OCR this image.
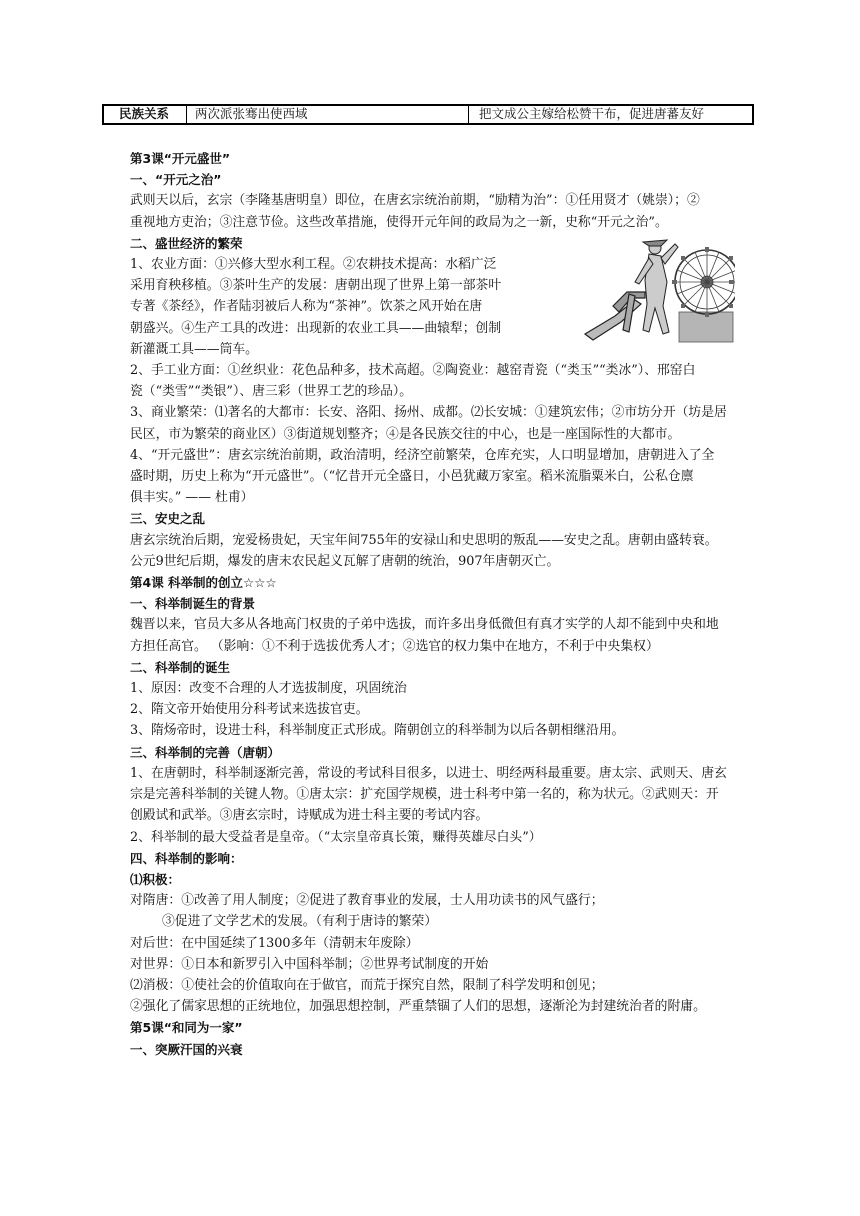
民族关系	两次派张骞出使西域	把文成公主嫁给松赞干布，促进唐蕃友好

第3课“开元盛世”

一、“开元之治”

武则天以后，玄宗（李隆基唐明皇）即位，在唐玄宗统治前期，“励精为治”：①任用贤才（姚崇）；②

重视地方吏治；③注意节俭。这些改革措施，使得开元年间的政局为之一新，史称“开元之治”。

二、盛世经济的繁荣

1、农业方面：①兴修大型水利工程。②农耕技术提高：水稻广泛

采用育秧移植。③茶叶生产的发展：唐朝出现了世界上第一部茶叶

专著《茶经》，作者陆羽被后人称为“茶神”。饮茶之风开始在唐

朝盛兴。④生产工具的改进：出现新的农业工具——曲辕犁；创制

新灌溉工具——筒车。

2、手工业方面：①丝织业：花色品种多，技术高超。②陶瓷业：越窑青瓷（“类玉”“类冰”）、邢窑白

瓷（“类雪”“类银”）、唐三彩（世界工艺的珍品）。

3、商业繁荣：⑴著名的大都市：长安、洛阳、扬州、成都。⑵长安城：①建筑宏伟；②市坊分开（坊是居

民区，市为繁荣的商业区）③街道规划整齐；④是各民族交往的中心，也是一座国际性的大都市。

4、“开元盛世”：唐玄宗统治前期，政治清明，经济空前繁荣，仓库充实，人口明显增加，唐朝进入了全

盛时期，历史上称为“开元盛世”。（“忆昔开元全盛日，小邑犹藏万家室。稻米流脂粟米白，公私仓廪

俱丰实。” —— 杜甫）

三、安史之乱

唐玄宗统治后期，宠爱杨贵妃，天宝年间755年的安禄山和史思明的叛乱——安史之乱。唐朝由盛转衰。

公元9世纪后期，爆发的唐末农民起义瓦解了唐朝的统治，907年唐朝灭亡。

第4课 科举制的创立☆☆☆

一、科举制诞生的背景

魏晋以来，官员大多从各地高门权贵的子弟中选拔，而许多出身低微但有真才实学的人却不能到中央和地

方担任高官。 （影响：①不利于选拔优秀人才；②选官的权力集中在地方，不利于中央集权）

二、科举制的诞生

1、原因：改变不合理的人才选拔制度，巩固统治

2、隋文帝开始使用分科考试来选拔官吏。

3、隋炀帝时，设进士科，科举制度正式形成。隋朝创立的科举制为以后各朝相继沿用。

三、科举制的完善（唐朝）

1、在唐朝时，科举制逐渐完善，常设的考试科目很多，以进士、明经两科最重要。唐太宗、武则天、唐玄

宗是完善科举制的关键人物。①唐太宗：扩充国学规模，进士科考中第一名的，称为状元。②武则天：开

创殿试和武举。③唐玄宗时，诗赋成为进士科主要的考试内容。

2、科举制的最大受益者是皇帝。（“太宗皇帝真长策，赚得英雄尽白头”）

四、科举制的影响：

⑴积极：

对隋唐：①改善了用人制度；②促进了教育事业的发展，士人用功读书的风气盛行；

③促进了文学艺术的发展。（有利于唐诗的繁荣）

对后世：在中国延续了1300多年（清朝末年废除）

对世界：①日本和新罗引入中国科举制；②世界考试制度的开始

⑵消极：①使社会的价值取向在于做官，而荒于探究自然，限制了科学发明和创见；

②强化了儒家思想的正统地位，加强思想控制，严重禁锢了人们的思想，逐渐沦为封建统治者的附庸。

第5课“和同为一家”

一、突厥汗国的兴衰
